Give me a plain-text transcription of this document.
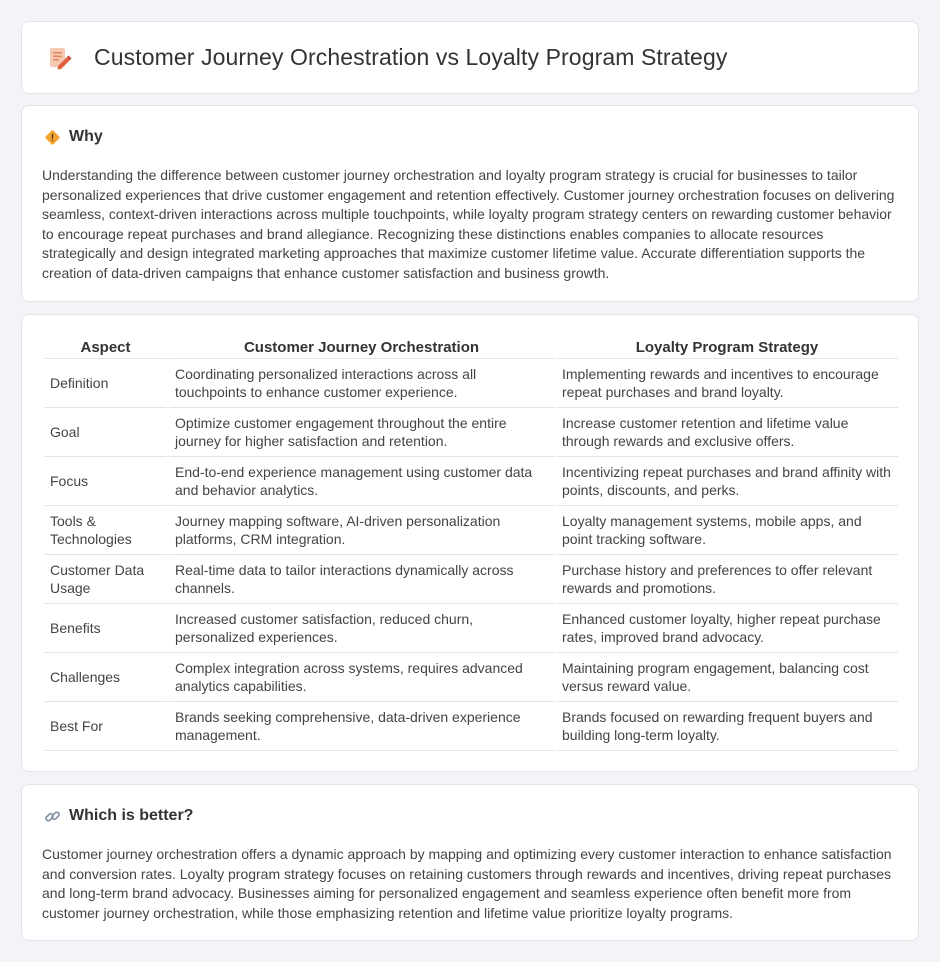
Customer Journey Orchestration vs Loyalty Program Strategy
Why

Understanding the difference between customer journey orchestration and loyalty program strategy is crucial for businesses to tailor personalized experiences that drive customer engagement and retention effectively. Customer journey orchestration focuses on delivering seamless, context-driven interactions across multiple touchpoints, while loyalty program strategy centers on rewarding customer behavior to encourage repeat purchases and brand allegiance. Recognizing these distinctions enables companies to allocate resources strategically and design integrated marketing approaches that maximize customer lifetime value. Accurate differentiation supports the creation of data-driven campaigns that enhance customer satisfaction and business growth.

Aspect	Customer Journey Orchestration	Loyalty Program Strategy
Definition	Coordinating personalized interactions across all touchpoints to enhance customer experience.	Implementing rewards and incentives to encourage repeat purchases and brand loyalty.
Goal	Optimize customer engagement throughout the entire journey for higher satisfaction and retention.	Increase customer retention and lifetime value through rewards and exclusive offers.
Focus	End-to-end experience management using customer data and behavior analytics.	Incentivizing repeat purchases and brand affinity with points, discounts, and perks.
Tools & Technologies	Journey mapping software, AI-driven personalization platforms, CRM integration.	Loyalty management systems, mobile apps, and point tracking software.
Customer Data Usage	Real-time data to tailor interactions dynamically across channels.	Purchase history and preferences to offer relevant rewards and promotions.
Benefits	Increased customer satisfaction, reduced churn, personalized experiences.	Enhanced customer loyalty, higher repeat purchase rates, improved brand advocacy.
Challenges	Complex integration across systems, requires advanced analytics capabilities.	Maintaining program engagement, balancing cost versus reward value.
Best For	Brands seeking comprehensive, data-driven experience management.	Brands focused on rewarding frequent buyers and building long-term loyalty.
Which is better?

Customer journey orchestration offers a dynamic approach by mapping and optimizing every customer interaction to enhance satisfaction and conversion rates. Loyalty program strategy focuses on retaining customers through rewards and incentives, driving repeat purchases and long-term brand advocacy. Businesses aiming for personalized engagement and seamless experience often benefit more from customer journey orchestration, while those emphasizing retention and lifetime value prioritize loyalty programs.
